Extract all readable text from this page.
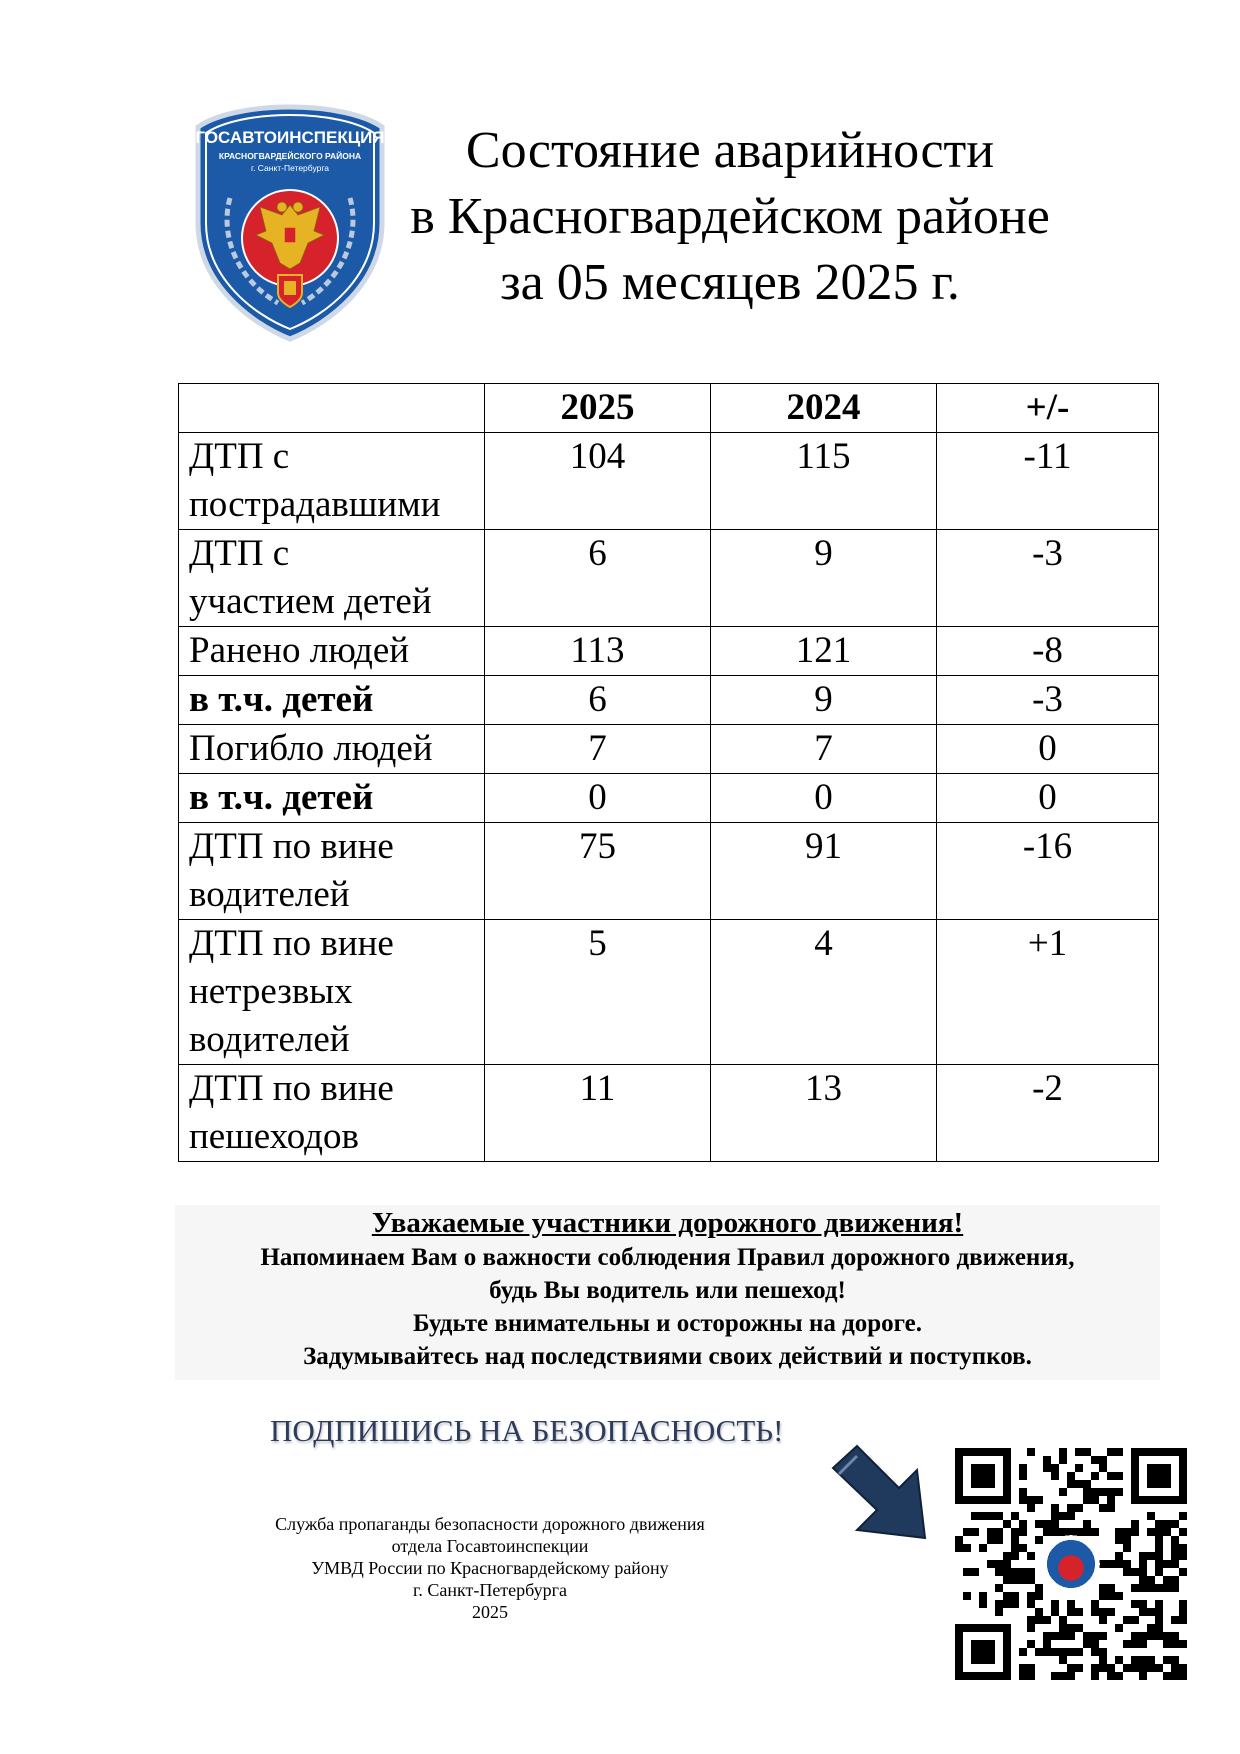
ГОСАВТОИНСПЕКЦИЯ
КРАСНОГВАРДЕЙСКОГО РАЙОНА
г. Санкт-Петербурга	Состояние аварийности
в Красногвардейском районе
за 05 месяцев 2025 г.
	2025	2024	+/-

ДТП с
пострадавшими	104	115	-11

ДТП с
участием детей	6	9	-3

Ранено людей	113	121	-8

в т.ч. детей	6	9	-3

Погибло людей	7	7	0

в т.ч. детей	0	0	0

ДТП по вине
водителей	75	91	-16

ДТП по вине
нетрезвых
водителей	5	4	+1

ДТП по вине
пешеходов	11	13	-2
Уважаемые участники дорожного движения!
Напоминаем Вам о важности соблюдения Правил дорожного движения,
будь Вы водитель или пешеход!
Будьте внимательны и осторожны на дороге.
Задумывайтесь над последствиями своих действий и поступков.
ПОДПИШИСЬ НА БЕЗОПАСНОСТЬ!
Служба пропаганды безопасности дорожного движения
отдела Госавтоинспекции
УМВД России по Красногвардейскому району
г. Санкт-Петербурга
2025
